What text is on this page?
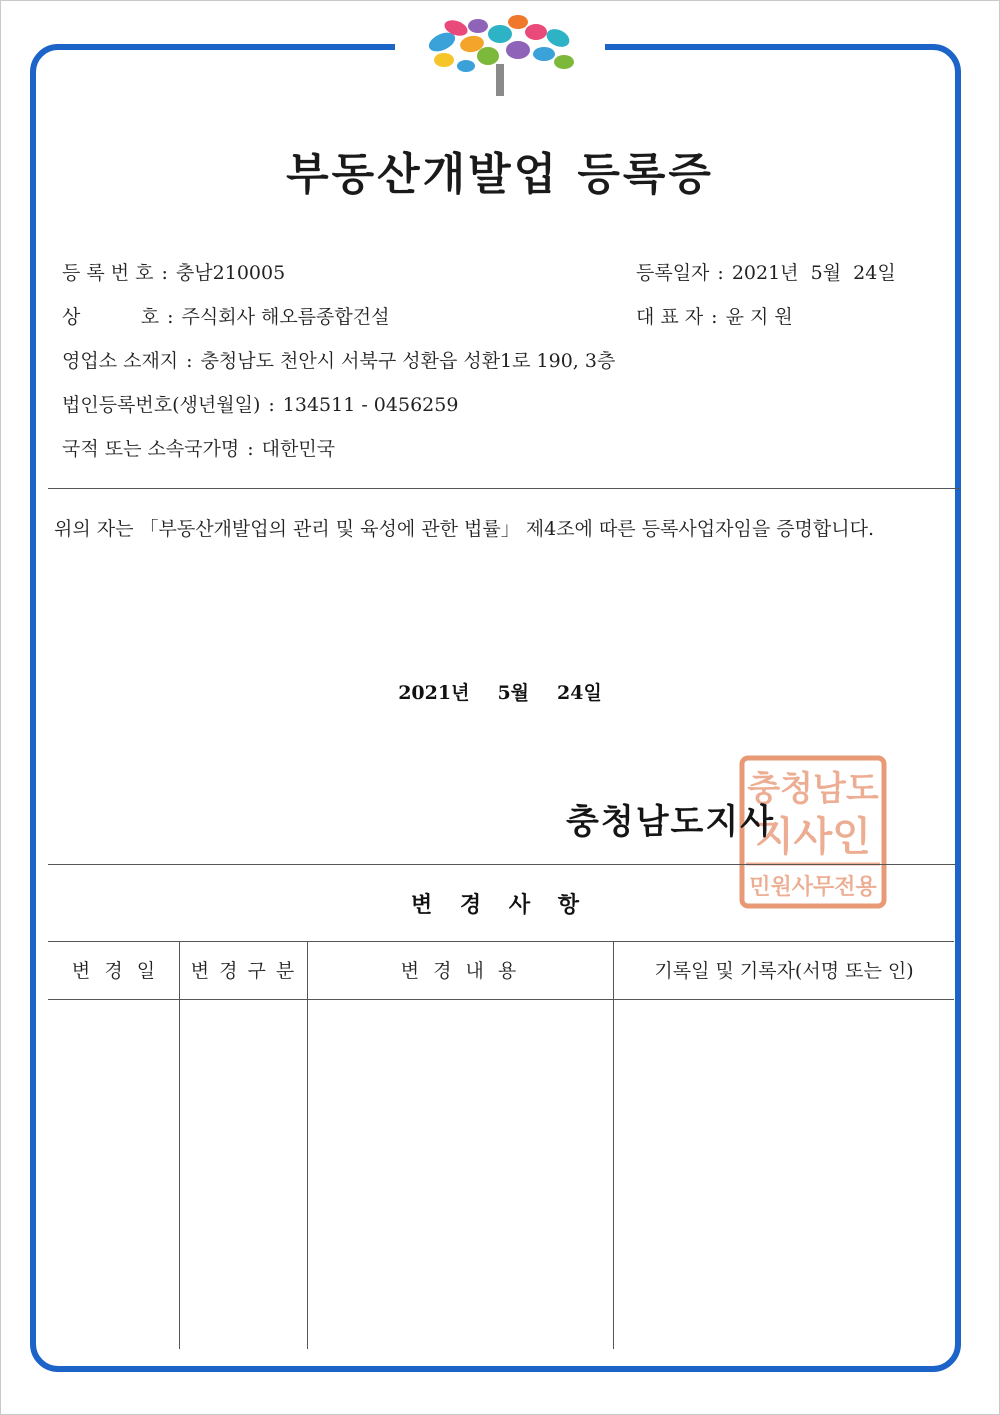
부동산개발업 등록증
등 록 번 호 : 충남210005	등록일자 : 2021년  5월  24일
상          호 : 주식회사 해오름종합건설	대 표 자 : 윤 지 원
영업소 소재지 : 충청남도 천안시 서북구 성환읍 성환1로 190, 3층
법인등록번호(생년월일) : 134511 - 0456259
국적 또는 소속국가명 : 대한민국
위의 자는 「부동산개발업의 관리 및 육성에 관한 법률」 제4조에 따른 등록사업자임을 증명합니다.
2021년 5월 24일
충청남도
지사인
민원사무전용
충청남도지사
변 경 사 항
변 경 일	변 경 구 분	변 경 내 용	기록일 및 기록자(서명 또는 인)
